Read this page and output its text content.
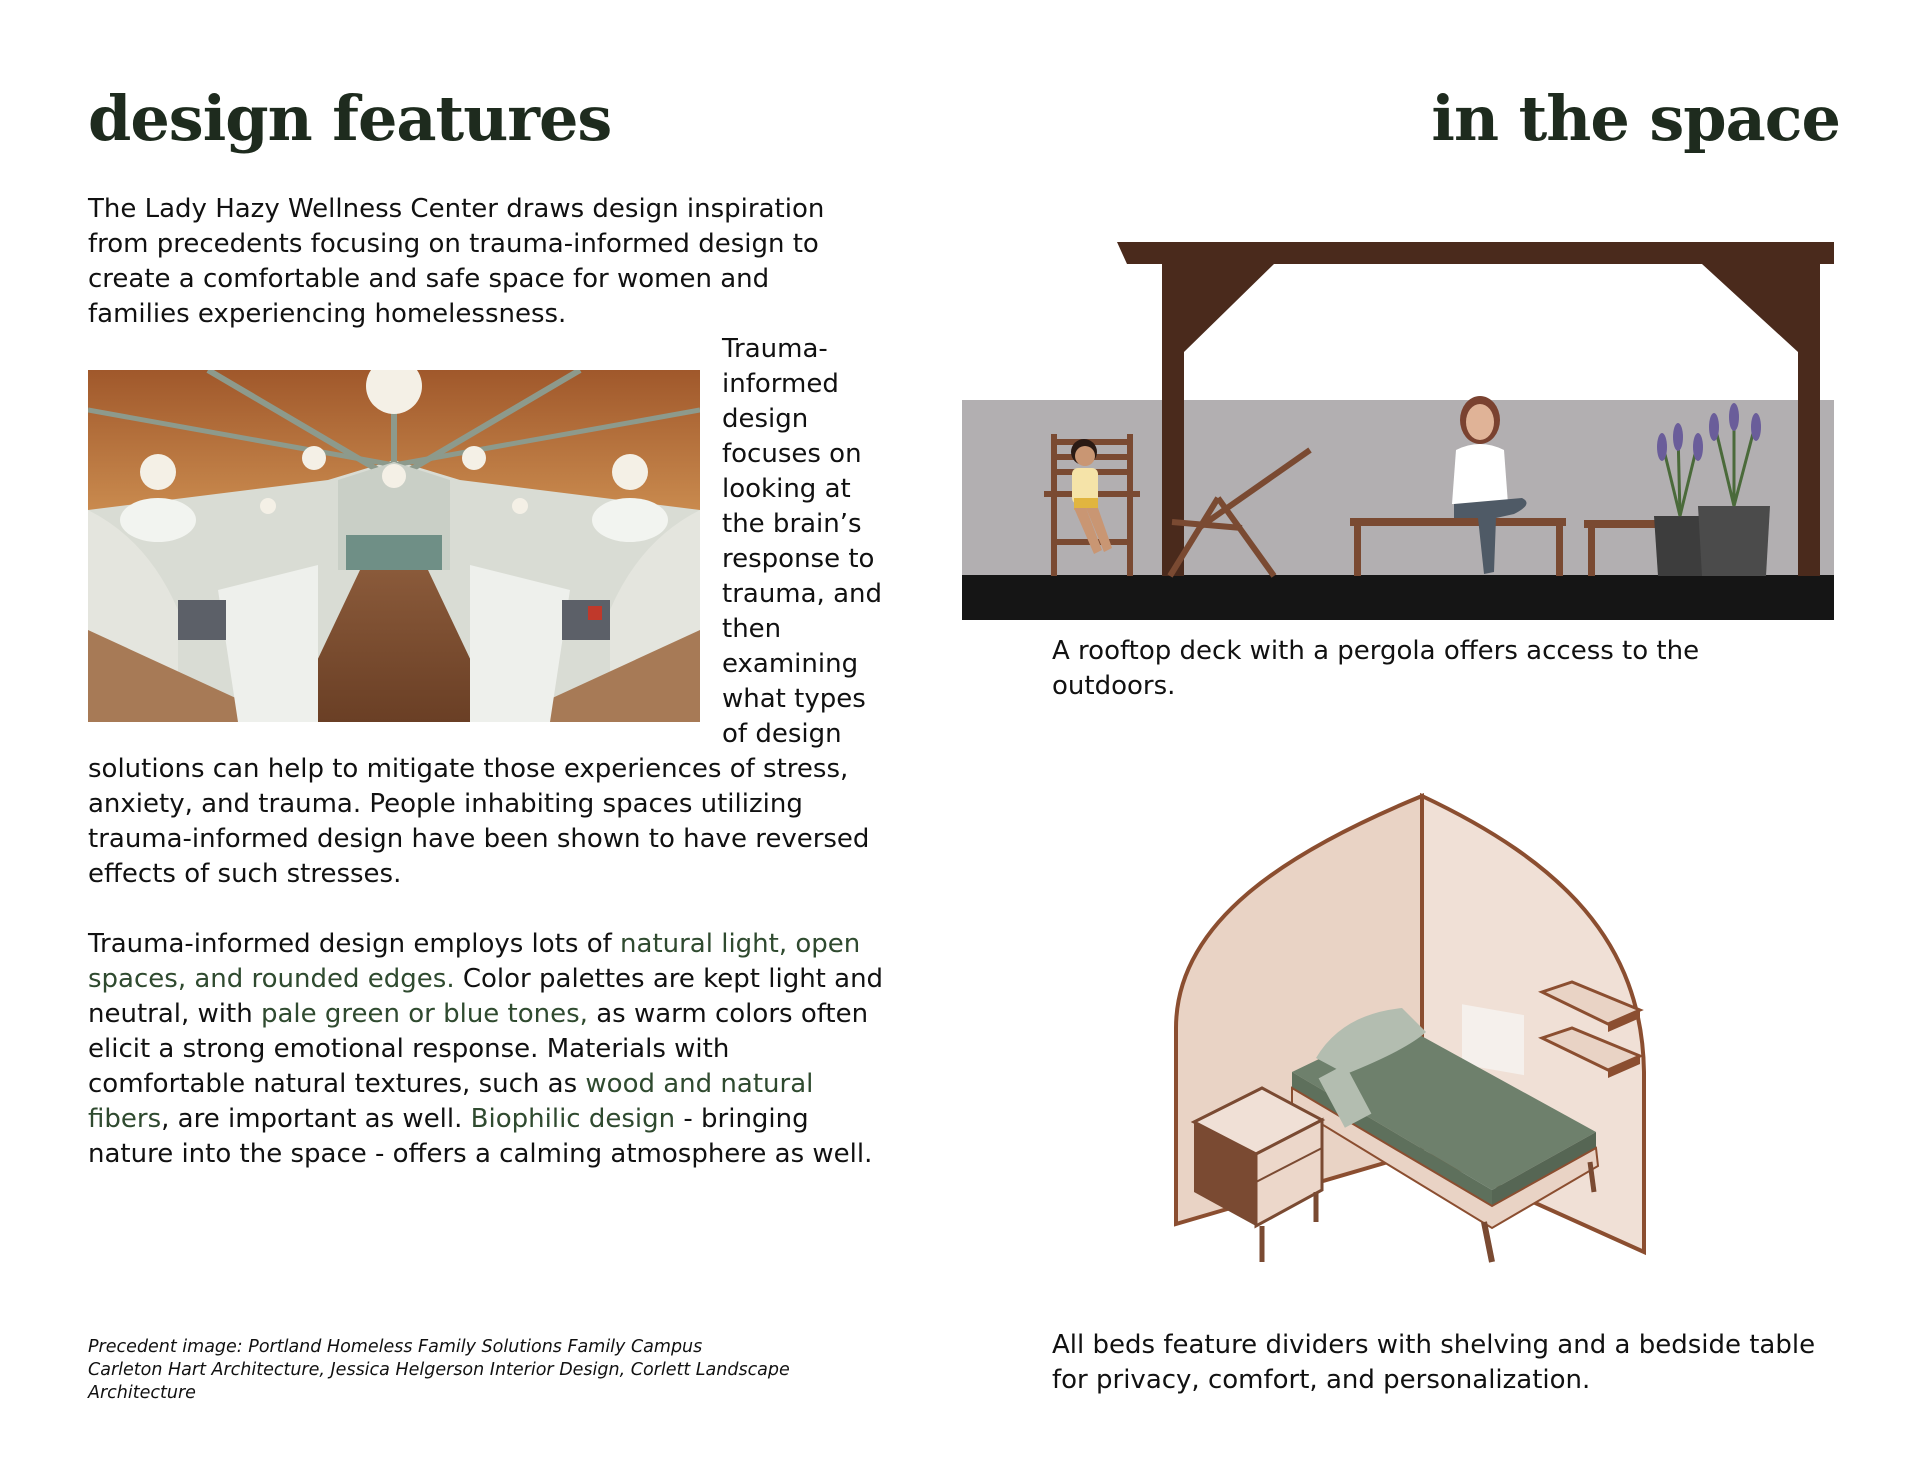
design features	in the space

The Lady Hazy Wellness Center draws design inspiration from precedents focusing on trauma-informed design to create a comfortable and safe space for women and families experiencing homelessness.

Trauma-informed design focuses on looking at the brain’s response to trauma, and then examining what types of design solutions can help to mitigate those experiences of stress, anxiety, and trauma. People inhabiting spaces utilizing trauma-informed design have been shown to have reversed effects of such stresses.

Trauma-informed design employs lots of natural light, open spaces, and rounded edges. Color palettes are kept light and neutral, with pale green or blue tones, as warm colors often elicit a strong emotional response. Materials with comfortable natural textures, such as wood and natural fibers, are important as well. Biophilic design - bringing nature into the space - offers a calming atmosphere as well.

Precedent image: Portland Homeless Family Solutions Family Campus
Carleton Hart Architecture, Jessica Helgerson Interior Design, Corlett Landscape Architecture

A rooftop deck with a pergola offers access to the outdoors.

All beds feature dividers with shelving and a bedside table for privacy, comfort, and personalization.
